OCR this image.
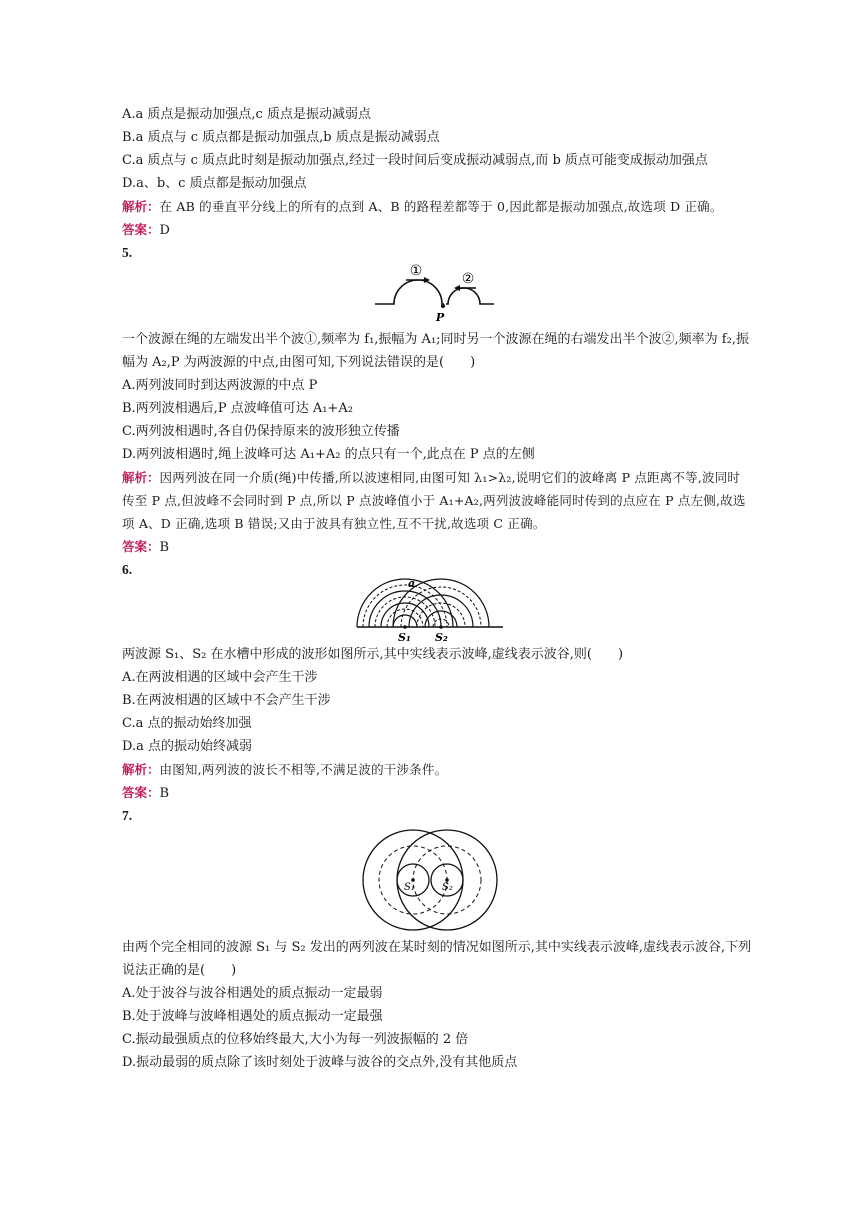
A.a 质点是振动加强点,c 质点是振动减弱点
B.a 质点与 c 质点都是振动加强点,b 质点是振动减弱点
C.a 质点与 c 质点此时刻是振动加强点,经过一段时间后变成振动减弱点,而 b 质点可能变成振动加强点
D.a、b、c 质点都是振动加强点
解析：在 AB 的垂直平分线上的所有的点到 A、B 的路程差都等于 0,因此都是振动加强点,故选项 D 正确。
答案：D
5.
①	②
P
一个波源在绳的左端发出半个波①,频率为 f₁,振幅为 A₁;同时另一个波源在绳的右端发出半个波②,频率为 f₂,振
幅为 A₂,P 为两波源的中点,由图可知,下列说法错误的是(　　)
A.两列波同时到达两波源的中点 P
B.两列波相遇后,P 点波峰值可达 A₁+A₂
C.两列波相遇时,各自仍保持原来的波形独立传播
D.两列波相遇时,绳上波峰可达 A₁+A₂ 的点只有一个,此点在 P 点的左侧
解析：因两列波在同一介质(绳)中传播,所以波速相同,由图可知 λ₁>λ₂,说明它们的波峰离 P 点距离不等,波同时
传至 P 点,但波峰不会同时到 P 点,所以 P 点波峰值小于 A₁+A₂,两列波波峰能同时传到的点应在 P 点左侧,故选
项 A、D 正确,选项 B 错误;又由于波具有独立性,互不干扰,故选项 C 正确。
答案：B
6.
a
S₁ S₂
两波源 S₁、S₂ 在水槽中形成的波形如图所示,其中实线表示波峰,虚线表示波谷,则(　　)
A.在两波相遇的区域中会产生干涉
B.在两波相遇的区域中不会产生干涉
C.a 点的振动始终加强
D.a 点的振动始终减弱
解析：由图知,两列波的波长不相等,不满足波的干涉条件。
答案：B
7.
S₁	S₂
由两个完全相同的波源 S₁ 与 S₂ 发出的两列波在某时刻的情况如图所示,其中实线表示波峰,虚线表示波谷,下列
说法正确的是(　　)
A.处于波谷与波谷相遇处的质点振动一定最弱
B.处于波峰与波峰相遇处的质点振动一定最强
C.振动最强质点的位移始终最大,大小为每一列波振幅的 2 倍
D.振动最弱的质点除了该时刻处于波峰与波谷的交点外,没有其他质点
